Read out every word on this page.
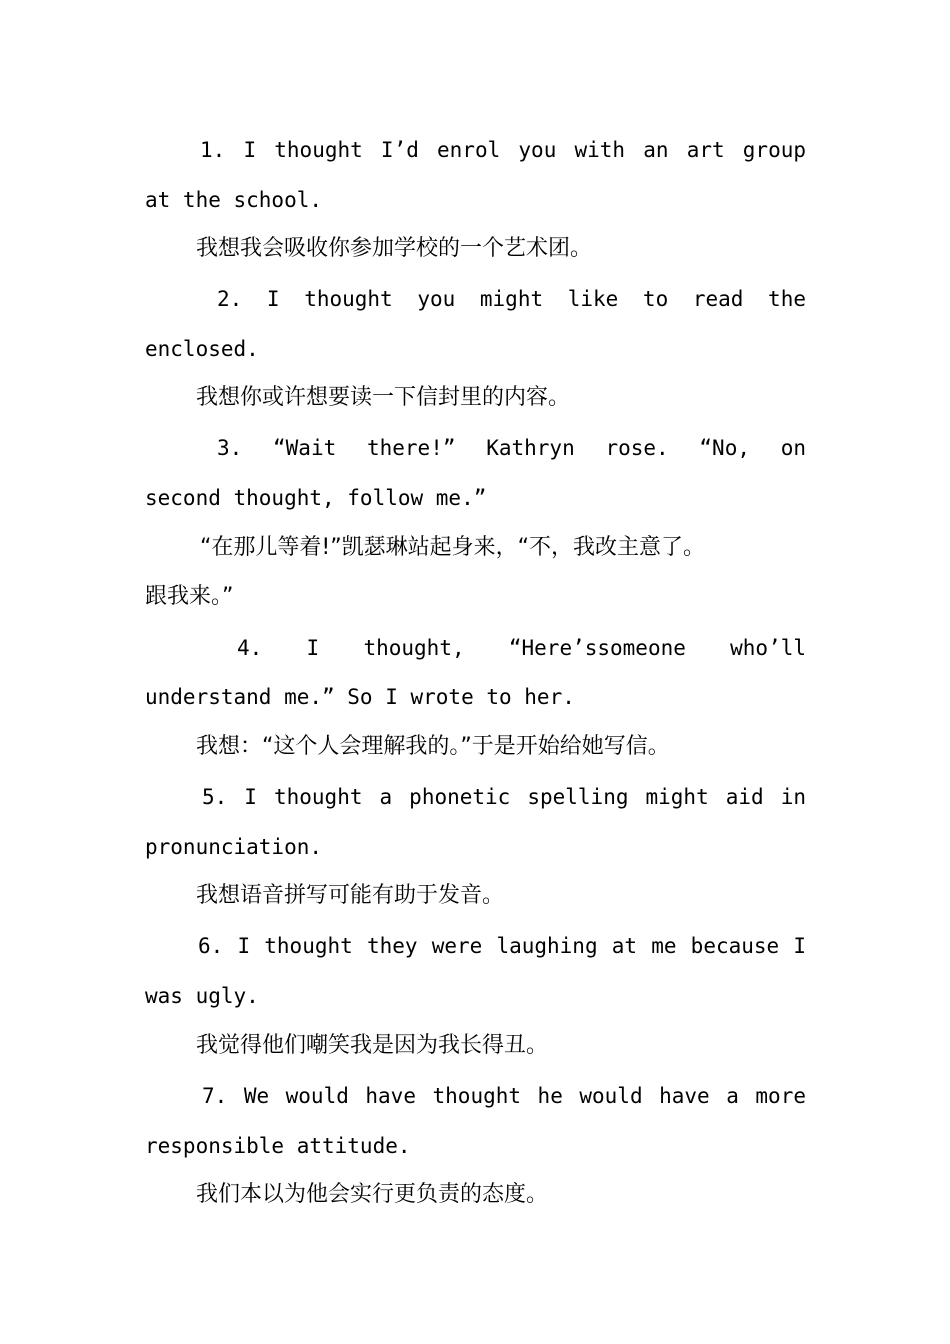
1. I thought I’d enrol you with an art group
at the school.
我想我会吸收你参加学校的一个艺术团。
2. I thought you might like to read the
enclosed.
我想你或许想要读一下信封里的内容。
3. “Wait there!” Kathryn rose. “No, on
second thought, follow me.”
“在那儿等着!”凯瑟琳站起身来，“不，我改主意了。
跟我来。”
4. I thought, “Here’ssomeone who’ll
understand me.” So I wrote to her.
我想：“这个人会理解我的。”于是开始给她写信。
5. I thought a phonetic spelling might aid in
pronunciation.
我想语音拼写可能有助于发音。
6. I thought they were laughing at me because I
was ugly.
我觉得他们嘲笑我是因为我长得丑。
7. We would have thought he would have a more
responsible attitude.
我们本以为他会实行更负责的态度。
